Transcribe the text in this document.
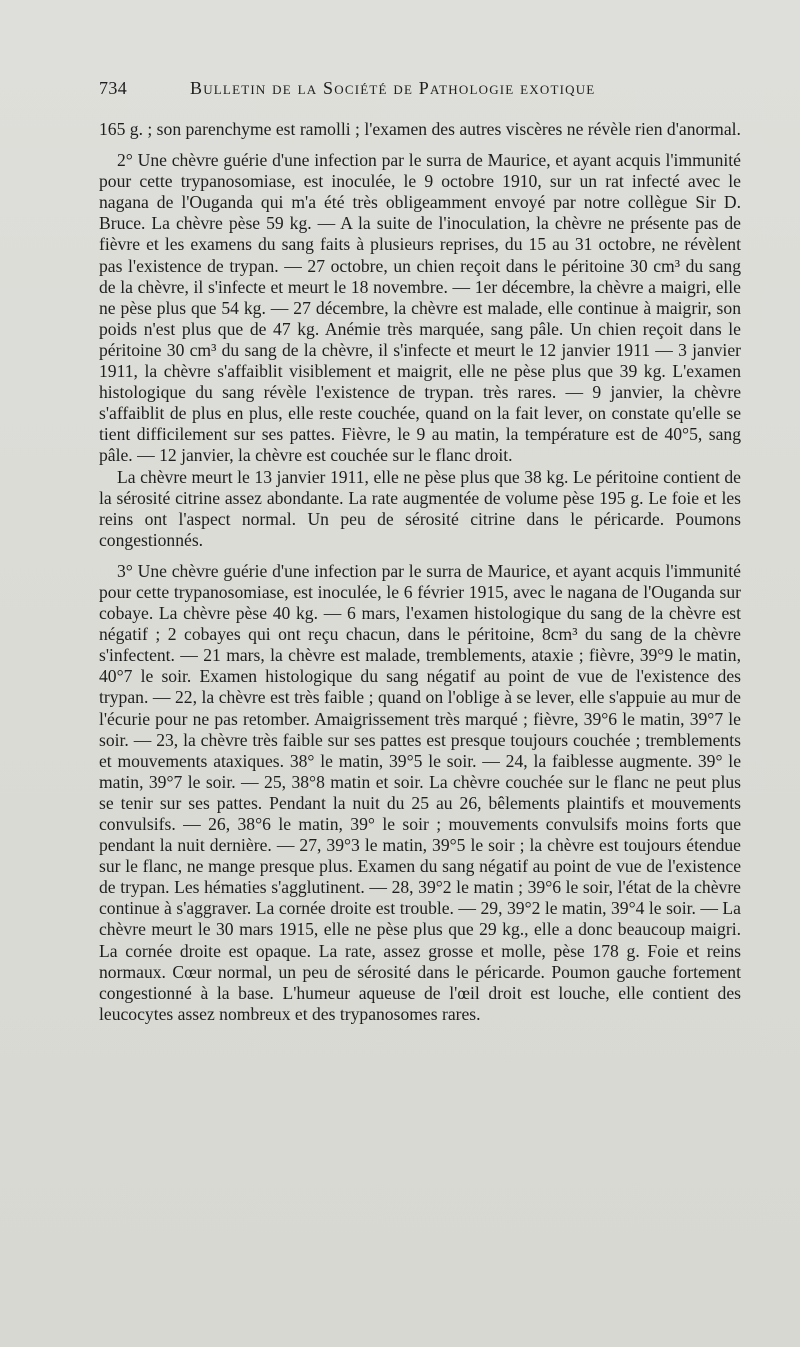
734	Bulletin de la Société de Pathologie exotique

165 g. ; son parenchyme est ramolli ; l'examen des autres viscères ne révèle rien d'anormal.

2° Une chèvre guérie d'une infection par le surra de Maurice, et ayant acquis l'immunité pour cette trypanosomiase, est inoculée, le 9 octobre 1910, sur un rat infecté avec le nagana de l'Ouganda qui m'a été très obligeamment envoyé par notre collègue Sir D. Bruce. La chèvre pèse 59 kg. — A la suite de l'inoculation, la chèvre ne présente pas de fièvre et les examens du sang faits à plusieurs reprises, du 15 au 31 octobre, ne révèlent pas l'existence de trypan. — 27 octobre, un chien reçoit dans le péritoine 30 cm³ du sang de la chèvre, il s'infecte et meurt le 18 novembre. — 1er décembre, la chèvre a maigri, elle ne pèse plus que 54 kg. — 27 décembre, la chèvre est malade, elle continue à maigrir, son poids n'est plus que de 47 kg. Anémie très marquée, sang pâle. Un chien reçoit dans le péritoine 30 cm³ du sang de la chèvre, il s'infecte et meurt le 12 janvier 1911 — 3 janvier 1911, la chèvre s'affaiblit visiblement et maigrit, elle ne pèse plus que 39 kg. L'examen histologique du sang révèle l'existence de trypan. très rares. — 9 janvier, la chèvre s'affaiblit de plus en plus, elle reste couchée, quand on la fait lever, on constate qu'elle se tient difficilement sur ses pattes. Fièvre, le 9 au matin, la température est de 40°5, sang pâle. — 12 janvier, la chèvre est couchée sur le flanc droit.

La chèvre meurt le 13 janvier 1911, elle ne pèse plus que 38 kg. Le péritoine contient de la sérosité citrine assez abondante. La rate augmentée de volume pèse 195 g. Le foie et les reins ont l'aspect normal. Un peu de sérosité citrine dans le péricarde. Poumons congestionnés.

3° Une chèvre guérie d'une infection par le surra de Maurice, et ayant acquis l'immunité pour cette trypanosomiase, est inoculée, le 6 février 1915, avec le nagana de l'Ouganda sur cobaye. La chèvre pèse 40 kg. — 6 mars, l'examen histologique du sang de la chèvre est négatif ; 2 cobayes qui ont reçu chacun, dans le péritoine, 8cm³ du sang de la chèvre s'infectent. — 21 mars, la chèvre est malade, tremblements, ataxie ; fièvre, 39°9 le matin, 40°7 le soir. Examen histologique du sang négatif au point de vue de l'existence des trypan. — 22, la chèvre est très faible ; quand on l'oblige à se lever, elle s'appuie au mur de l'écurie pour ne pas retomber. Amaigrissement très marqué ; fièvre, 39°6 le matin, 39°7 le soir. — 23, la chèvre très faible sur ses pattes est presque toujours couchée ; tremblements et mouvements ataxiques. 38° le matin, 39°5 le soir. — 24, la faiblesse augmente. 39° le matin, 39°7 le soir. — 25, 38°8 matin et soir. La chèvre couchée sur le flanc ne peut plus se tenir sur ses pattes. Pendant la nuit du 25 au 26, bêlements plaintifs et mouvements convulsifs. — 26, 38°6 le matin, 39° le soir ; mouvements convulsifs moins forts que pendant la nuit dernière. — 27, 39°3 le matin, 39°5 le soir ; la chèvre est toujours étendue sur le flanc, ne mange presque plus. Examen du sang négatif au point de vue de l'existence de trypan. Les hématies s'agglutinent. — 28, 39°2 le matin ; 39°6 le soir, l'état de la chèvre continue à s'aggraver. La cornée droite est trouble. — 29, 39°2 le matin, 39°4 le soir. — La chèvre meurt le 30 mars 1915, elle ne pèse plus que 29 kg., elle a donc beaucoup maigri. La cornée droite est opaque. La rate, assez grosse et molle, pèse 178 g. Foie et reins normaux. Cœur normal, un peu de sérosité dans le péricarde. Poumon gauche fortement congestionné à la base. L'humeur aqueuse de l'œil droit est louche, elle contient des leucocytes assez nombreux et des trypanosomes rares.
